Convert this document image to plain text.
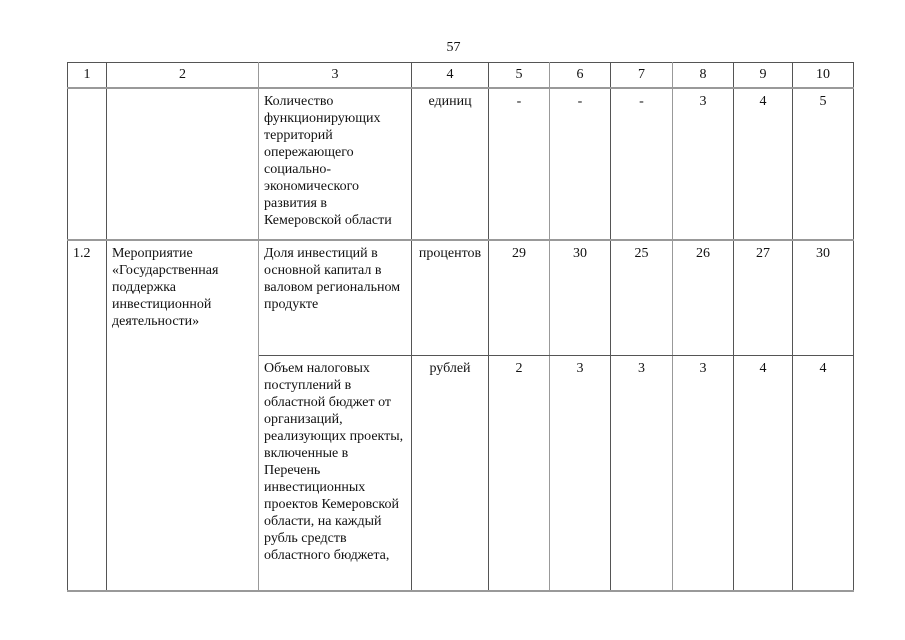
57
1	2	3	4	5	6	7	8	9	10
		Количество функционирующих территорий опережающего социально-экономического развития в Кемеровской области	единиц	-	-	-	3	4	5
1.2	Мероприятие «Государственная поддержка инвестиционной деятельности»	Доля инвестиций в основной капитал в валовом региональном продукте	процентов	29	30	25	26	27	30
		Объем налоговых поступлений в областной бюджет от организаций, реализующих проекты, включенные в Перечень инвестиционных проектов Кемеровской области, на каждый рубль средств областного бюджета,	рублей	2	3	3	3	4	4
